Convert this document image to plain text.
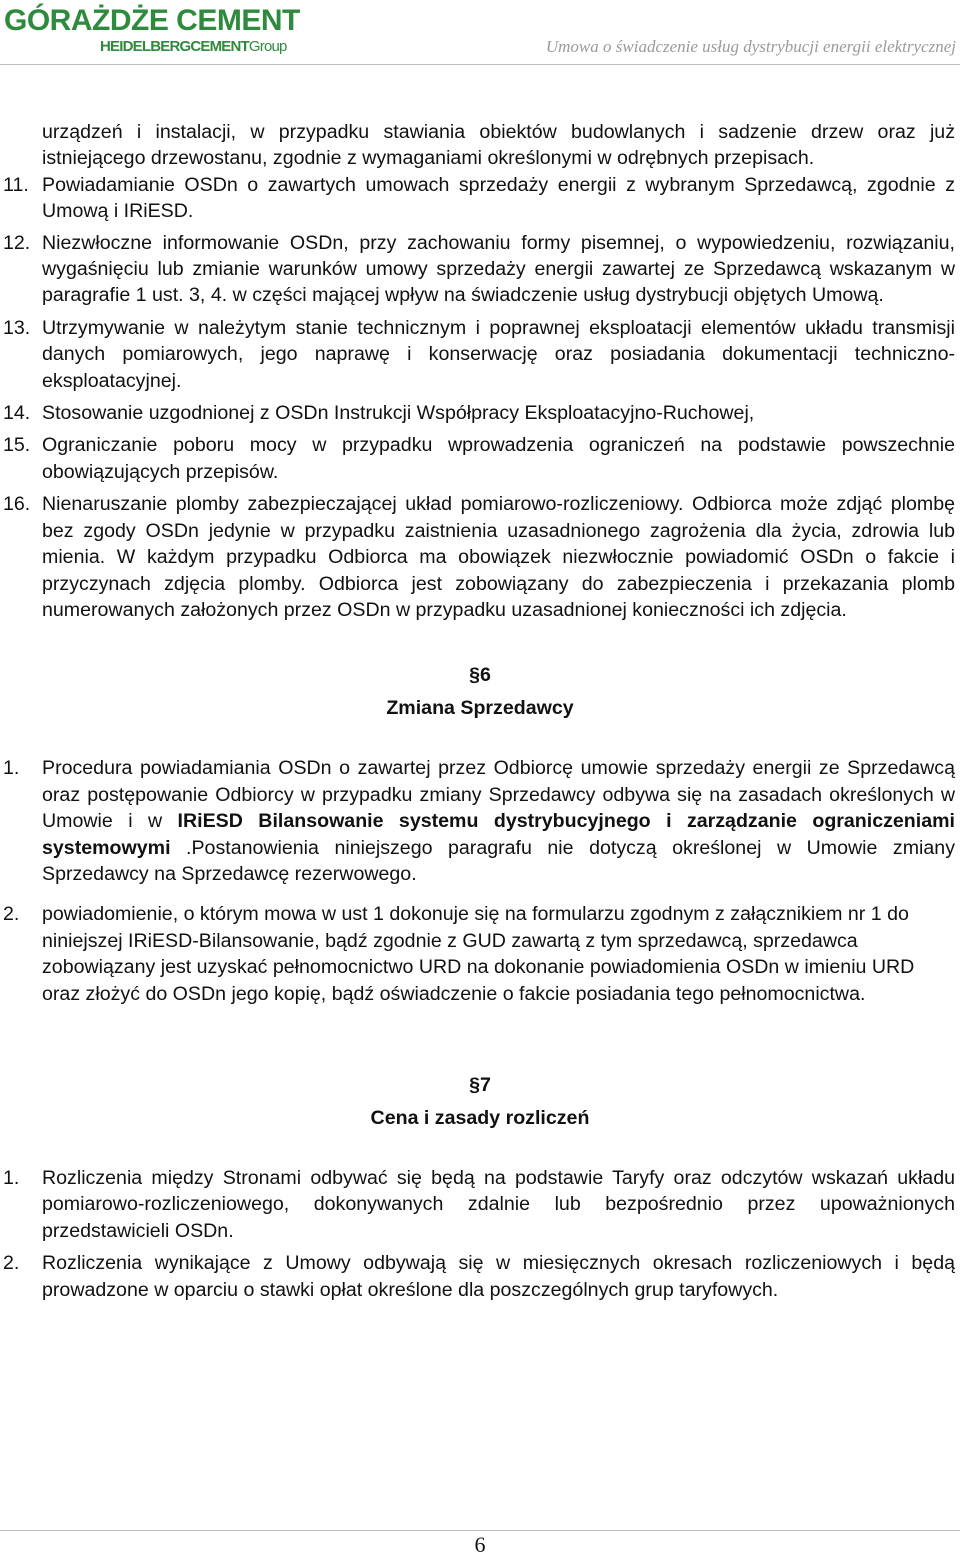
GÓRAŻDŻE CEMENT
HEIDELBERGCEMENTGroup	Umowa o świadczenie usług dystrybucji energii elektrycznej
urządzeń i instalacji, w przypadku stawiania obiektów budowlanych i sadzenie drzew oraz już istniejącego drzewostanu, zgodnie z wymaganiami określonymi w odrębnych przepisach.
11. Powiadamianie OSDn o zawartych umowach sprzedaży energii z wybranym Sprzedawcą, zgodnie z Umową i IRiESD.
12. Niezwłoczne informowanie OSDn, przy zachowaniu formy pisemnej, o wypowiedzeniu, rozwiązaniu, wygaśnięciu lub zmianie warunków umowy sprzedaży energii zawartej ze Sprzedawcą wskazanym w paragrafie 1 ust. 3, 4. w części mającej wpływ na świadczenie usług dystrybucji objętych Umową.
13. Utrzymywanie w należytym stanie technicznym i poprawnej eksploatacji elementów układu transmisji danych pomiarowych, jego naprawę i konserwację oraz posiadania dokumentacji techniczno-eksploatacyjnej.
14. Stosowanie uzgodnionej z OSDn Instrukcji Współpracy Eksploatacyjno-Ruchowej,
15. Ograniczanie poboru mocy w przypadku wprowadzenia ograniczeń na podstawie powszechnie obowiązujących przepisów.
16. Nienaruszanie plomby zabezpieczającej układ pomiarowo-rozliczeniowy. Odbiorca może zdjąć plombę bez zgody OSDn jedynie w przypadku zaistnienia uzasadnionego zagrożenia dla życia, zdrowia lub mienia. W każdym przypadku Odbiorca ma obowiązek niezwłocznie powiadomić OSDn o fakcie i przyczynach zdjęcia plomby. Odbiorca jest zobowiązany do zabezpieczenia i przekazania plomb numerowanych założonych przez OSDn w przypadku uzasadnionej konieczności ich zdjęcia.
§6
Zmiana Sprzedawcy
1. Procedura powiadamiania OSDn o zawartej przez Odbiorcę umowie sprzedaży energii ze Sprzedawcą oraz postępowanie Odbiorcy w przypadku zmiany Sprzedawcy odbywa się na zasadach określonych w Umowie i w IRiESD Bilansowanie systemu dystrybucyjnego i zarządzanie ograniczeniami systemowymi .Postanowienia niniejszego paragrafu nie dotyczą określonej w Umowie zmiany Sprzedawcy na Sprzedawcę rezerwowego.
2. powiadomienie, o którym mowa w ust 1 dokonuje się na formularzu zgodnym z załącznikiem nr 1 do niniejszej IRiESD-Bilansowanie, bądź zgodnie z GUD zawartą z tym sprzedawcą, sprzedawca zobowiązany jest uzyskać pełnomocnictwo URD na dokonanie powiadomienia OSDn w imieniu URD oraz złożyć do OSDn jego kopię, bądź oświadczenie o fakcie posiadania tego pełnomocnictwa.
§7
Cena i zasady rozliczeń
1. Rozliczenia między Stronami odbywać się będą na podstawie Taryfy oraz odczytów wskazań układu pomiarowo-rozliczeniowego, dokonywanych zdalnie lub bezpośrednio przez upoważnionych przedstawicieli OSDn.
2. Rozliczenia wynikające z Umowy odbywają się w miesięcznych okresach rozliczeniowych i będą prowadzone w oparciu o stawki opłat określone dla poszczególnych grup taryfowych.
6
